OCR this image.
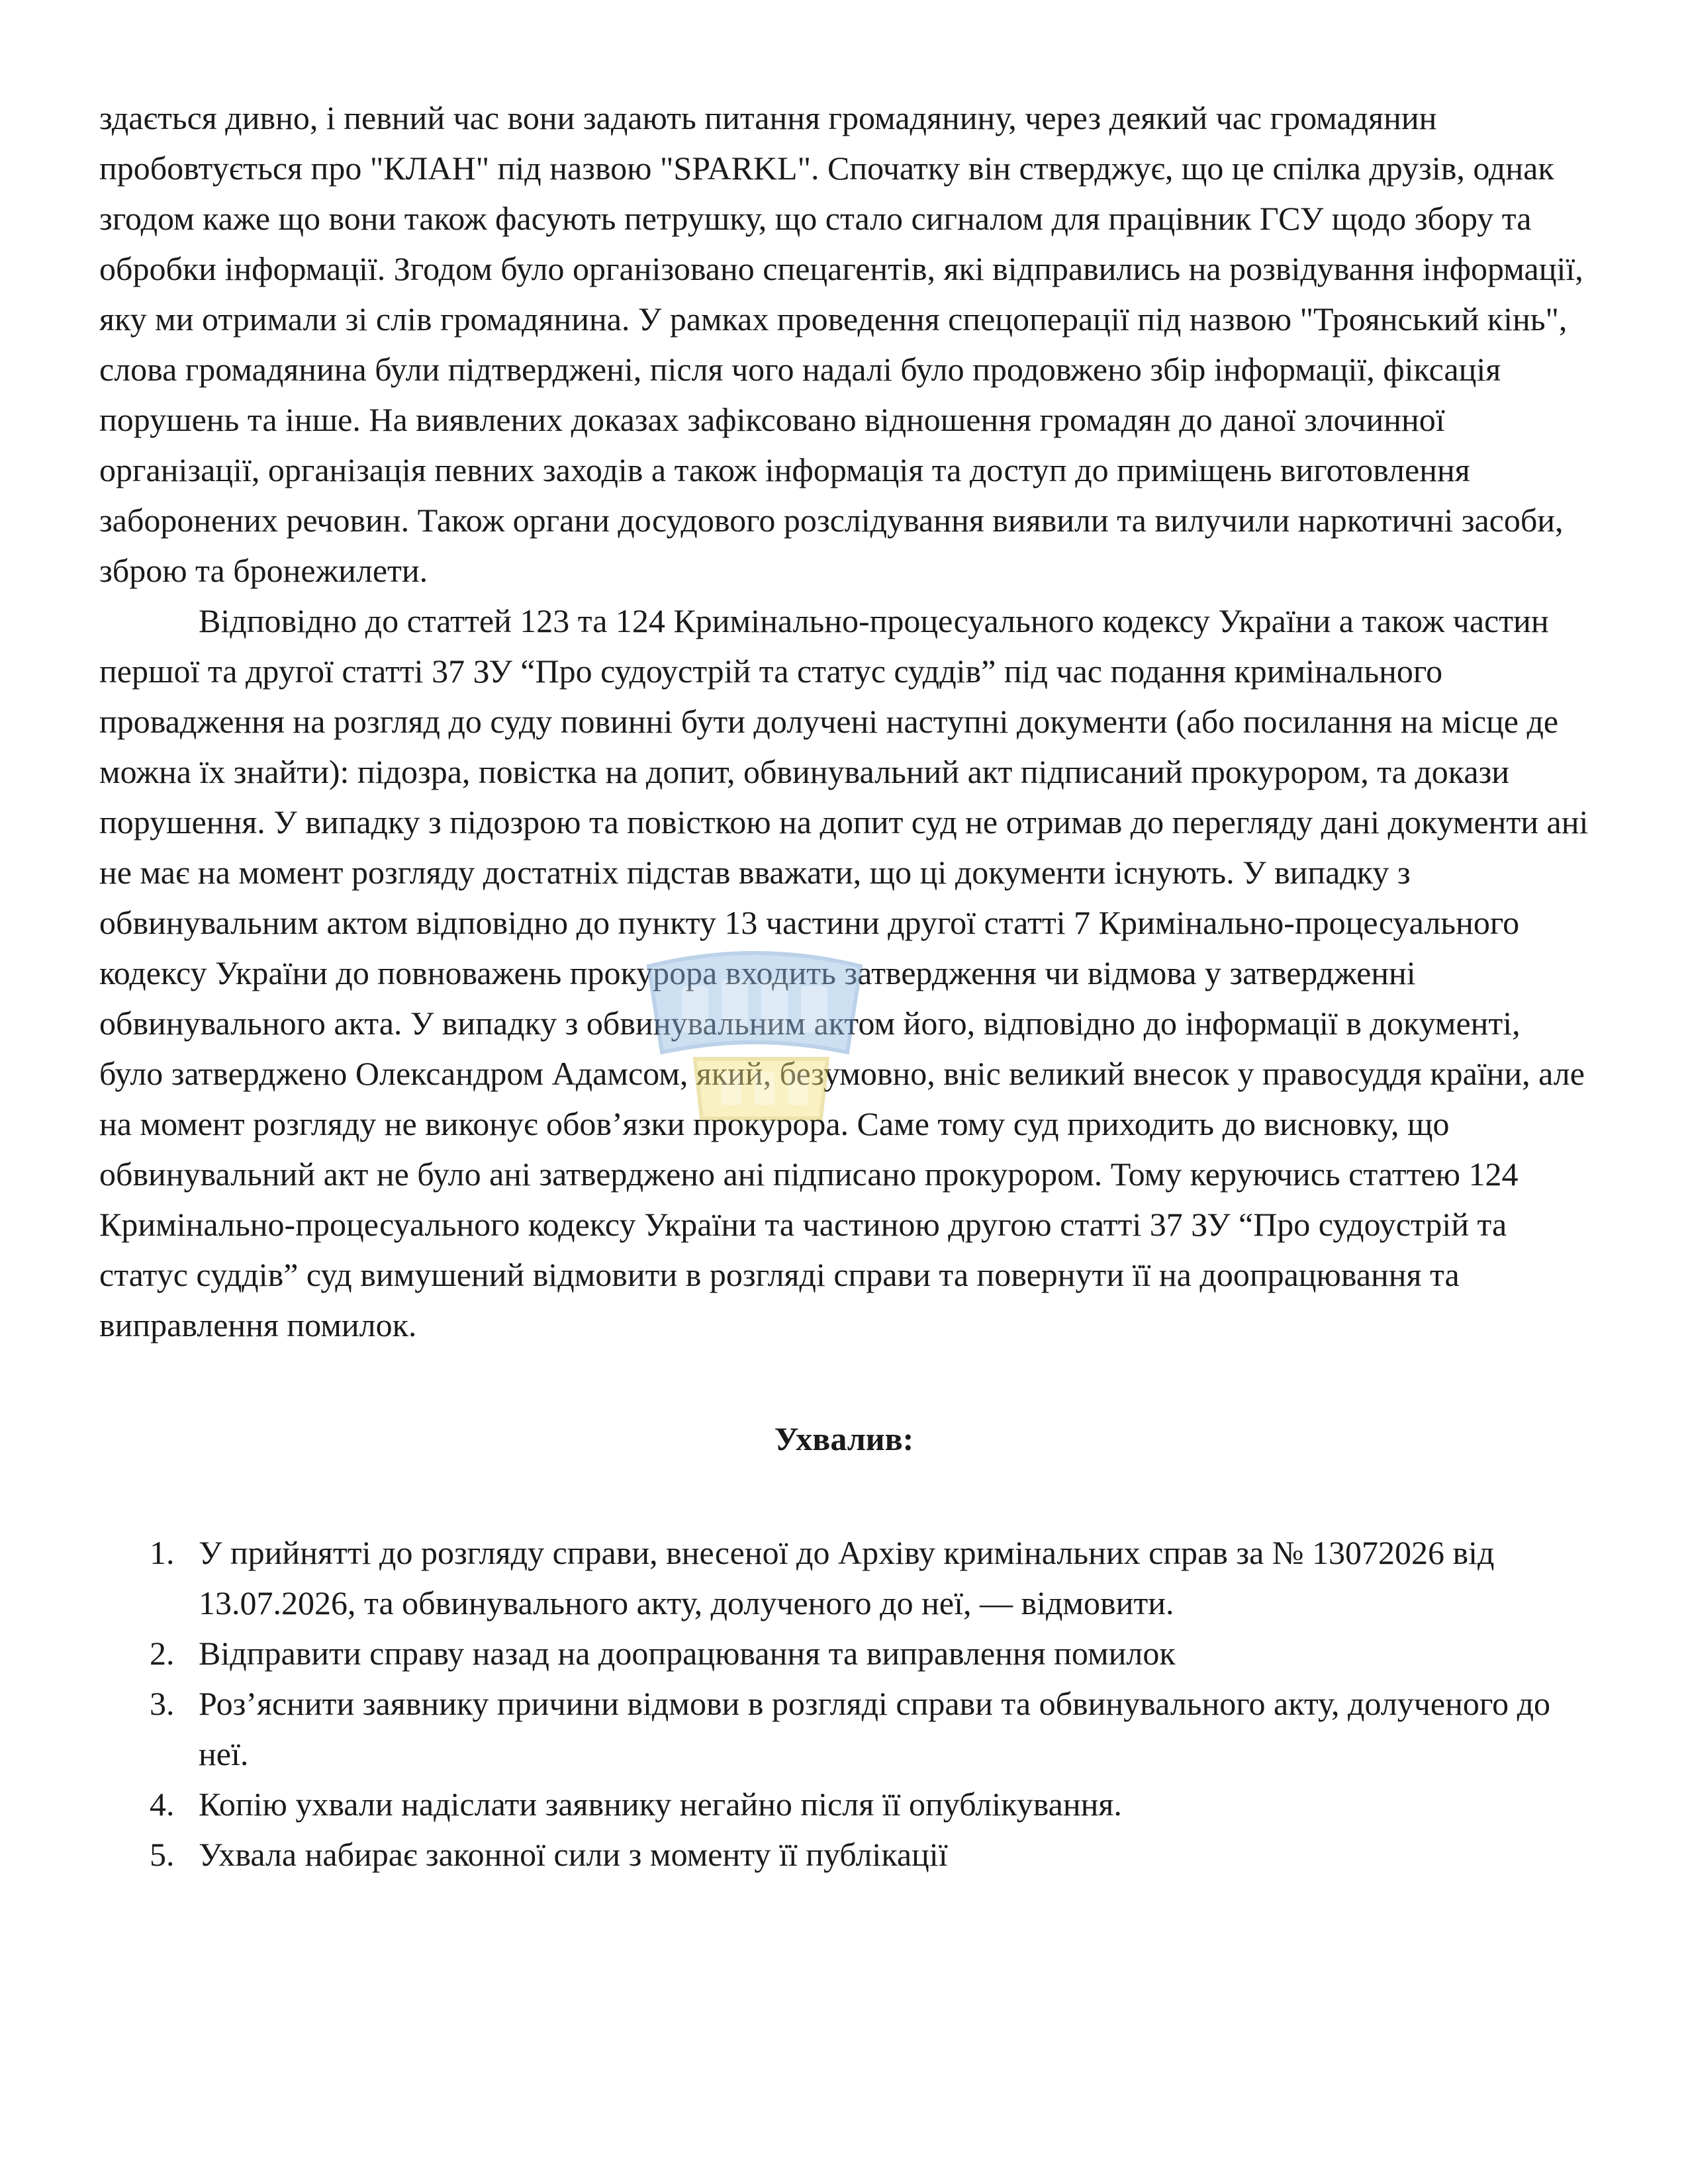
здається дивно, і певний час вони задають питання громадянину, через деякий час громадянин пробовтується про "КЛАН" під назвою "SPARKL". Спочатку він стверджує, що це спілка друзів, однак згодом каже що вони також фасують петрушку, що стало сигналом для працівник ГСУ щодо збору та обробки інформації. Згодом було організовано спецагентів, які відправились на розвідування інформації, яку ми отримали зі слів громадянина. У рамках проведення спецоперації під назвою "Троянський кінь", слова громадянина були підтверджені, після чого надалі було продовжено збір інформації, фіксація порушень та інше. На виявлених доказах зафіксовано відношення громадян до даної злочинної організації, організація певних заходів а також інформація та доступ до приміщень виготовлення заборонених речовин. Також органи досудового розслідування виявили та вилучили наркотичні засоби, зброю та бронежилети.

Відповідно до статтей 123 та 124 Кримінально-процесуального кодексу України а також частин першої та другої статті 37 ЗУ “Про судоустрій та статус суддів” під час подання кримінального провадження на розгляд до суду повинні бути долучені наступні документи (або посилання на місце де можна їх знайти): підозра, повістка на допит, обвинувальний акт підписаний прокурором, та докази порушення. У випадку з підозрою та повісткою на допит суд не отримав до перегляду дані документи ані не має на момент розгляду достатніх підстав вважати, що ці документи існують. У випадку з обвинувальним актом відповідно до пункту 13 частини другої статті 7 Кримінально-процесуального кодексу України до повноважень прокурора входить затвердження чи відмова у затвердженні обвинувального акта. У випадку з обвинувальним актом його, відповідно до інформації в документі, було затверджено Олександром Адамсом, який, безумовно, вніс великий внесок у правосуддя країни, але на момент розгляду не виконує обов’язки прокурора. Саме тому суд приходить до висновку, що обвинувальний акт не було ані затверджено ані підписано прокурором. Тому керуючись статтею 124 Кримінально-процесуального кодексу України та частиною другою статті 37 ЗУ “Про судоустрій та статус суддів” суд вимушений відмовити в розгляді справи та повернути її на доопрацювання та виправлення помилок.

Ухвалив:
1. У прийнятті до розгляду справи, внесеної до Архіву кримінальних справ за № 13072026 від 13.07.2026, та обвинувального акту, долученого до неї, — відмовити.
2. Відправити справу назад на доопрацювання та виправлення помилок
3. Роз’яснити заявнику причини відмови в розгляді справи та обвинувального акту, долученого до неї.
4. Копію ухвали надіслати заявнику негайно після її опублікування.
5. Ухвала набирає законної сили з моменту її публікації
